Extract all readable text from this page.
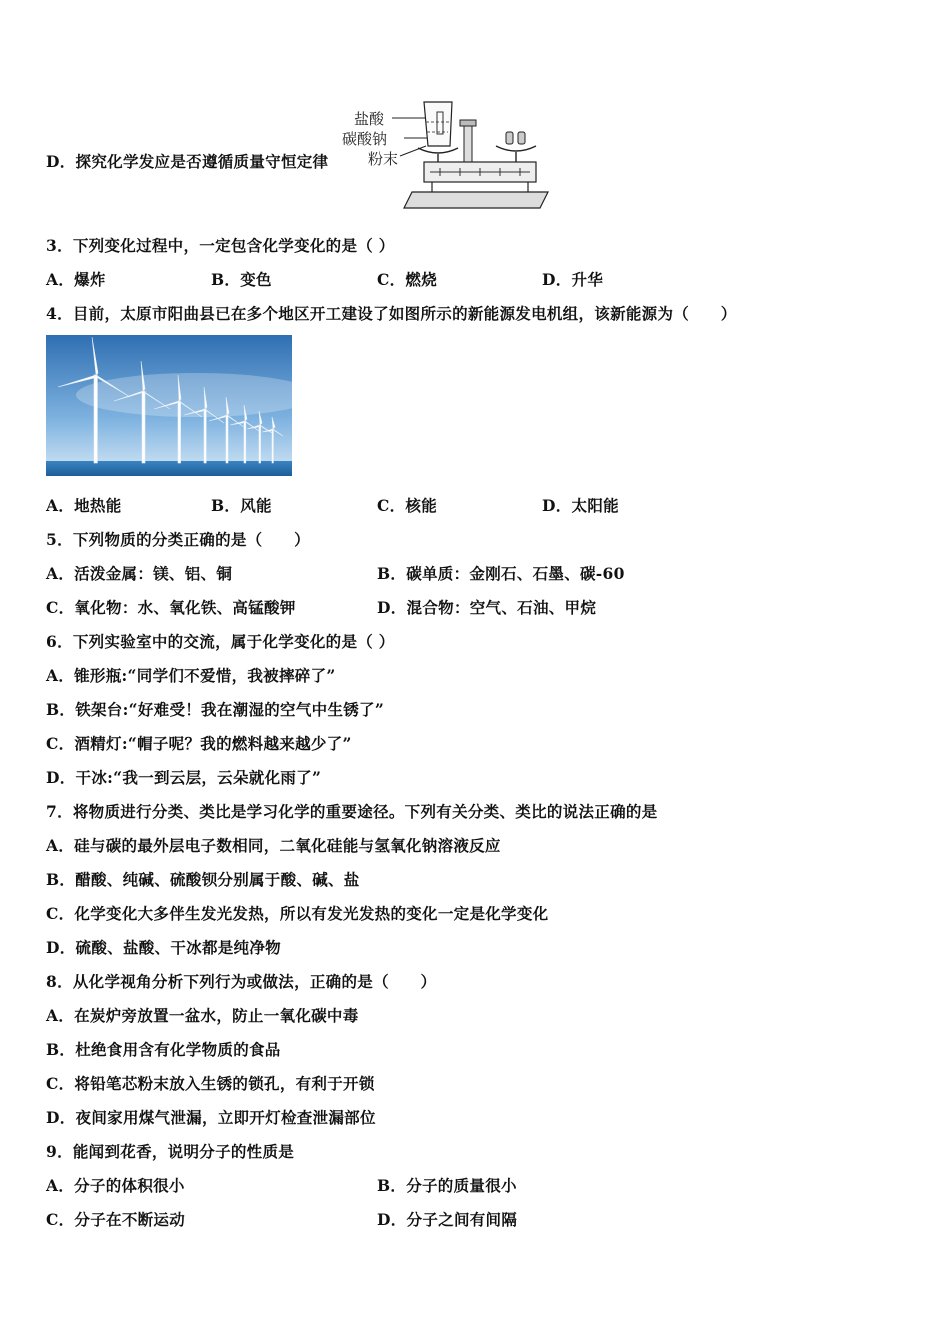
D．探究化学发应是否遵循质量守恒定律
盐酸
碳酸钠
粉末
3．下列变化过程中，一定包含化学变化的是（ ）
A．爆炸	B．变色	C．燃烧	D．升华
4．目前，太原市阳曲县已在多个地区开工建设了如图所示的新能源发电机组，该新能源为（　　）
A．地热能	B．风能	C．核能	D．太阳能
5．下列物质的分类正确的是（　　）
A．活泼金属：镁、铝、铜	B．碳单质：金刚石、石墨、碳-60
C．氧化物：水、氧化铁、高锰酸钾	D．混合物：空气、石油、甲烷
6．下列实验室中的交流，属于化学变化的是（ ）
A．锥形瓶:“同学们不爱惜，我被摔碎了”
B．铁架台:“好难受！我在潮湿的空气中生锈了”
C．酒精灯:“帽子呢？我的燃料越来越少了”
D．干冰:“我一到云层，云朵就化雨了”
7．将物质进行分类、类比是学习化学的重要途径。下列有关分类、类比的说法正确的是
A．硅与碳的最外层电子数相同，二氧化硅能与氢氧化钠溶液反应
B．醋酸、纯碱、硫酸钡分别属于酸、碱、盐
C．化学变化大多伴生发光发热，所以有发光发热的变化一定是化学变化
D．硫酸、盐酸、干冰都是纯净物
8．从化学视角分析下列行为或做法，正确的是（　　）
A．在炭炉旁放置一盆水，防止一氧化碳中毒
B．杜绝食用含有化学物质的食品
C．将铅笔芯粉末放入生锈的锁孔，有利于开锁
D．夜间家用煤气泄漏，立即开灯检查泄漏部位
9．能闻到花香，说明分子的性质是
A．分子的体积很小	B．分子的质量很小
C．分子在不断运动	D．分子之间有间隔
